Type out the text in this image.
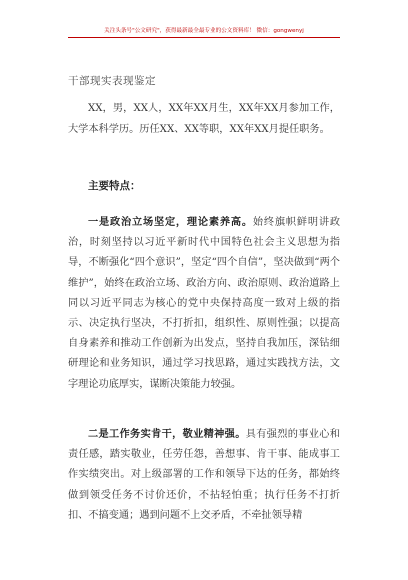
关注头条号"公文研究"，获得最新最全最专业的公文资料库！ 微信：gongwenyj
干部现实表现鉴定

XX，男，XX人，XX年XX月生，XX年XX月参加工作，大学本科学历。历任XX、XX等职，XX年XX月提任职务。

主要特点：

一是政治立场坚定，理论素养高。始终旗帜鲜明讲政治，时刻坚持以习近平新时代中国特色社会主义思想为指导，不断强化“四个意识”，坚定“四个自信”，坚决做到“两个维护”，始终在政治立场、政治方向、政治原则、政治道路上同以习近平同志为核心的党中央保持高度一致对上级的指示、决定执行坚决，不打折扣，组织性、原则性强；以提高自身素养和推动工作创新为出发点，坚持自我加压，深钻细研理论和业务知识，通过学习找思路，通过实践找方法，文字理论功底厚实，谋断决策能力较强。

二是工作务实肯干，敬业精神强。具有强烈的事业心和责任感，踏实敬业，任劳任怨，善想事、肯干事、能成事工作实绩突出。对上级部署的工作和领导下达的任务，都始终做到领受任务不讨价还价，不拈轻怕重；执行任务不打折扣、不搞变通；遇到问题不上交矛盾，不牵扯领导精
